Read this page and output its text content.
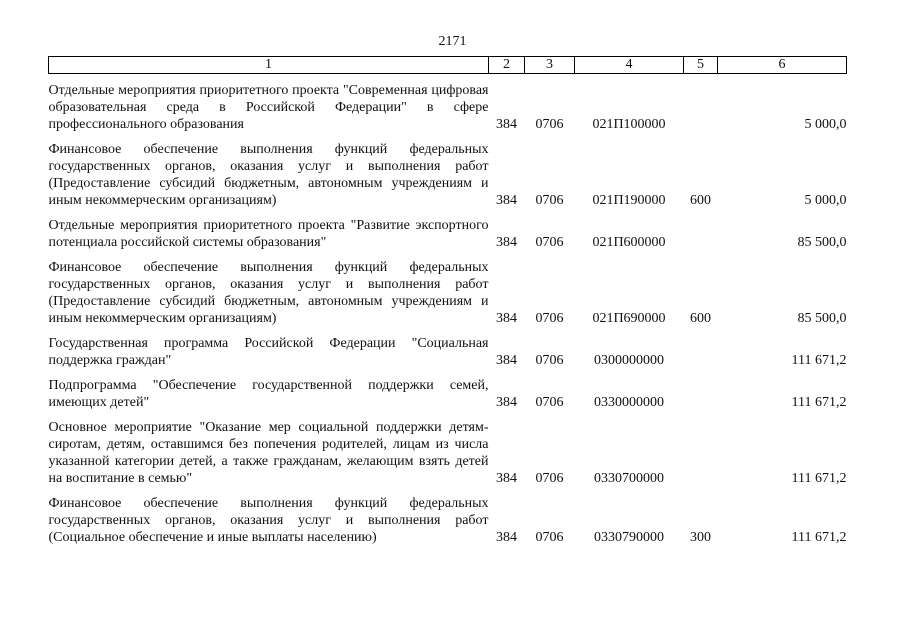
2171
1	2	3	4	5	6

Отдельные мероприятия приоритетного проекта "Современная цифровая образовательная среда в Российской Федерации" в сфере профессионального образования	384	0706	021П100000		5 000,0

Финансовое обеспечение выполнения функций федеральных государственных органов, оказания услуг и выполнения работ (Предоставление субсидий бюджетным, автономным учреждениям и иным некоммерческим организациям)	384	0706	021П190000	600	5 000,0

Отдельные мероприятия приоритетного проекта "Развитие экспортного потенциала российской системы образования"	384	0706	021П600000		85 500,0

Финансовое обеспечение выполнения функций федеральных государственных органов, оказания услуг и выполнения работ (Предоставление субсидий бюджетным, автономным учреждениям и иным некоммерческим организациям)	384	0706	021П690000	600	85 500,0

Государственная программа Российской Федерации "Социальная поддержка граждан"	384	0706	0300000000		111 671,2

Подпрограмма "Обеспечение государственной поддержки семей, имеющих детей"	384	0706	0330000000		111 671,2

Основное мероприятие "Оказание мер социальной поддержки детям-сиротам, детям, оставшимся без попечения родителей, лицам из числа указанной категории детей, а также гражданам, желающим взять детей на воспитание в семью"	384	0706	0330700000		111 671,2

Финансовое обеспечение выполнения функций федеральных государственных органов, оказания услуг и выполнения работ (Социальное обеспечение и иные выплаты населению)	384	0706	0330790000	300	111 671,2
